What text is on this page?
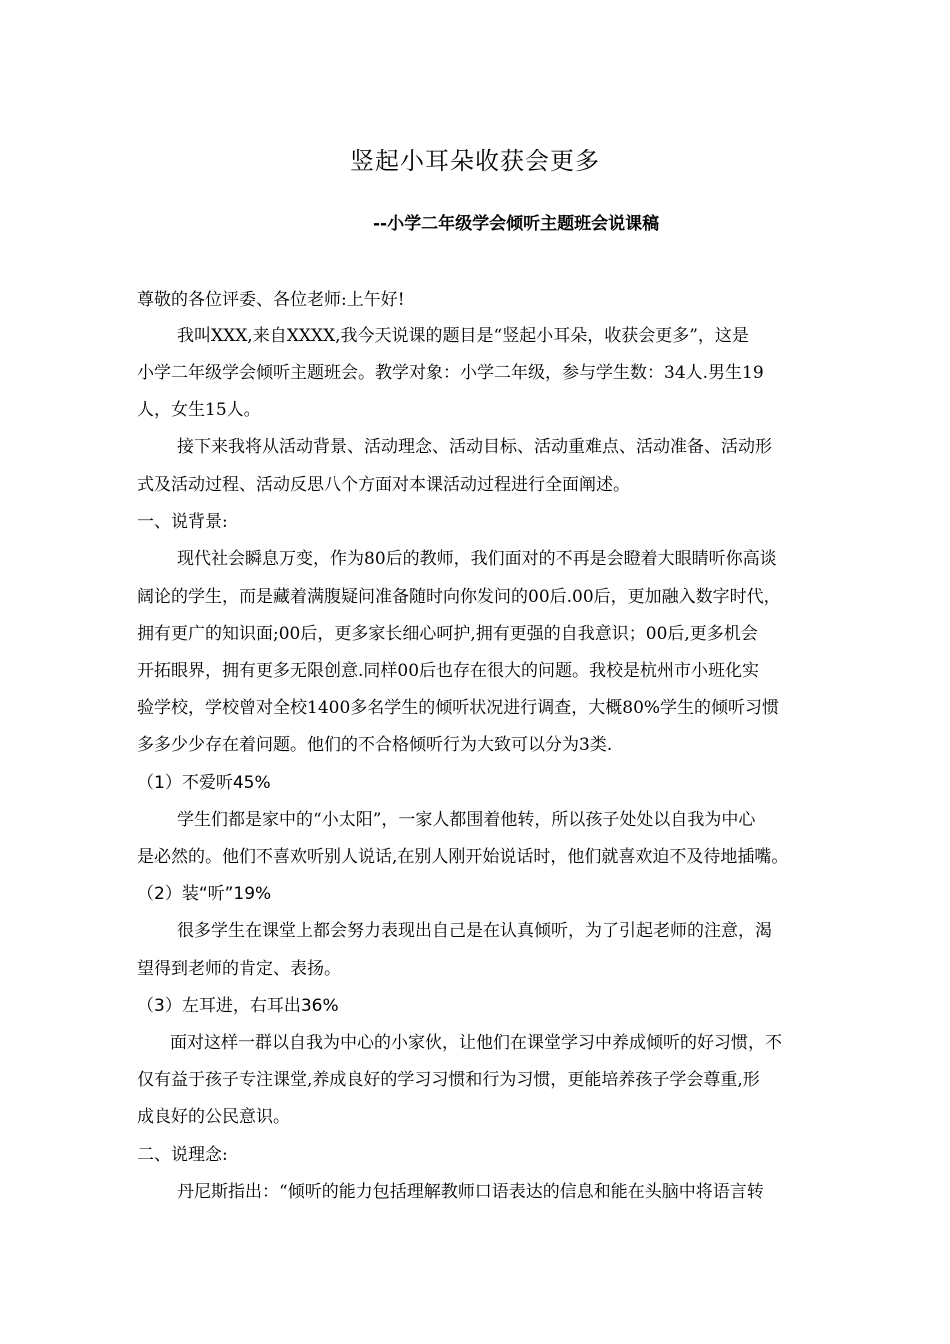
竖起小耳朵收获会更多
--小学二年级学会倾听主题班会说课稿

尊敬的各位评委、各位老师:上午好!

我叫XXX,来自XXXX,我今天说课的题目是“竖起小耳朵，收获会更多”，这是

小学二年级学会倾听主题班会。教学对象：小学二年级，参与学生数：34人.男生19

人，女生15人。

接下来我将从活动背景、活动理念、活动目标、活动重难点、活动准备、活动形

式及活动过程、活动反思八个方面对本课活动过程进行全面阐述。

一、说背景:

现代社会瞬息万变，作为80后的教师，我们面对的不再是会瞪着大眼睛听你高谈

阔论的学生，而是藏着满腹疑问准备随时向你发问的00后.00后，更加融入数字时代，

拥有更广的知识面;00后，更多家长细心呵护,拥有更强的自我意识；00后,更多机会

开拓眼界，拥有更多无限创意.同样00后也存在很大的问题。我校是杭州市小班化实

验学校，学校曾对全校1400多名学生的倾听状况进行调查，大概80%学生的倾听习惯

多多少少存在着问题。他们的不合格倾听行为大致可以分为3类.

（1）不爱听45%

学生们都是家中的“小太阳”，一家人都围着他转，所以孩子处处以自我为中心

是必然的。他们不喜欢听别人说话,在别人刚开始说话时，他们就喜欢迫不及待地插嘴。

（2）装“听”19%

很多学生在课堂上都会努力表现出自己是在认真倾听，为了引起老师的注意，渴

望得到老师的肯定、表扬。

（3）左耳进，右耳出36%

面对这样一群以自我为中心的小家伙，让他们在课堂学习中养成倾听的好习惯，不

仅有益于孩子专注课堂,养成良好的学习习惯和行为习惯，更能培养孩子学会尊重,形

成良好的公民意识。

二、说理念:

丹尼斯指出：“倾听的能力包括理解教师口语表达的信息和能在头脑中将语言转
